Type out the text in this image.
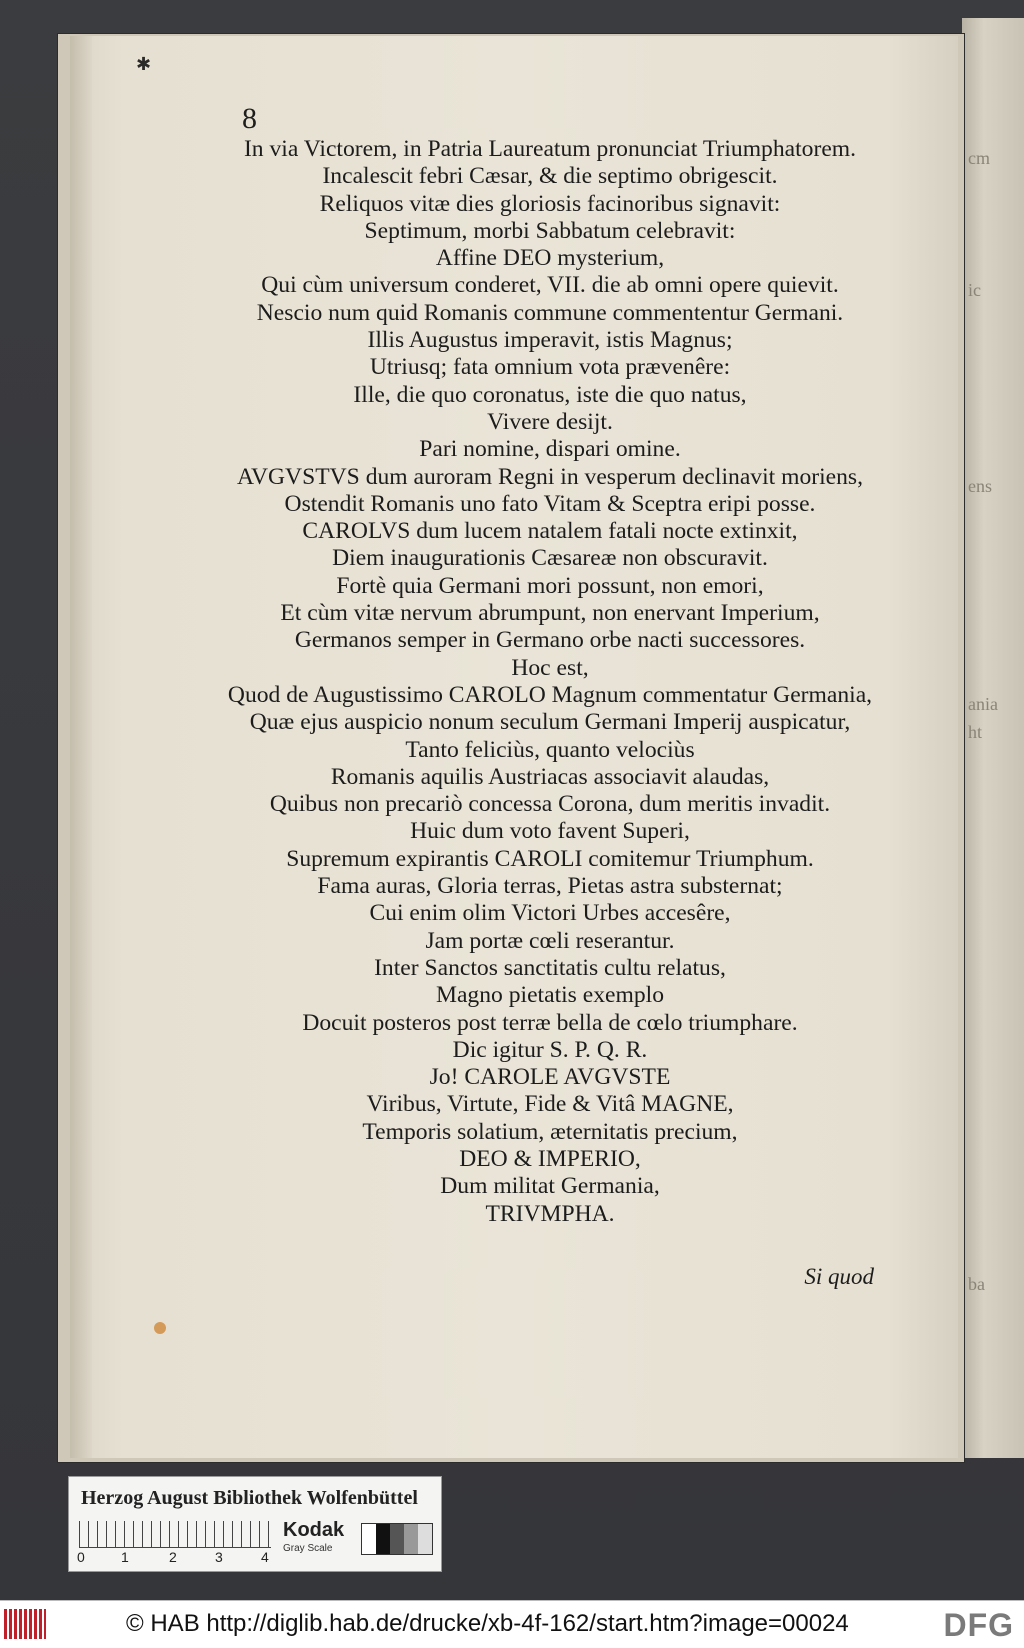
cm
ic
ens
ania
ht
ba
✱
8
In via Victorem, in Patria Laureatum pronunciat Triumphatorem.
Incalescit febri Cæsar, & die septimo obrigescit.
Reliquos vitæ dies gloriosis facinoribus signavit:
Septimum, morbi Sabbatum celebravit:
Affine DEO mysterium,
Qui cùm universum conderet, VII. die ab omni opere quievit.
Nescio num quid Romanis commune commententur Germani.
Illis Augustus imperavit, istis Magnus;
Utriusq; fata omnium vota prævenêre:
Ille, die quo coronatus, iste die quo natus,
Vivere desijt.
Pari nomine, dispari omine.
AVGVSTVS dum auroram Regni in vesperum declinavit moriens,
Ostendit Romanis uno fato Vitam & Sceptra eripi posse.
CAROLVS dum lucem natalem fatali nocte extinxit,
Diem inaugurationis Cæsareæ non obscuravit.
Fortè quia Germani mori possunt, non emori,
Et cùm vitæ nervum abrumpunt, non enervant Imperium,
Germanos semper in Germano orbe nacti successores.
Hoc est,
Quod de Augustissimo CAROLO Magnum commentatur Germania,
Quæ ejus auspicio nonum seculum Germani Imperij auspicatur,
Tanto feliciùs, quanto velociùs
Romanis aquilis Austriacas associavit alaudas,
Quibus non precariò concessa Corona, dum meritis invadit.
Huic dum voto favent Superi,
Supremum expirantis CAROLI comitemur Triumphum.
Fama auras, Gloria terras, Pietas astra substernat;
Cui enim olim Victori Urbes accesêre,
Jam portæ cœli reserantur.
Inter Sanctos sanctitatis cultu relatus,
Magno pietatis exemplo
Docuit posteros post terræ bella de cœlo triumphare.
Dic igitur S. P. Q. R.
Jo! CAROLE AVGVSTE
Viribus, Virtute, Fide & Vitâ MAGNE,
Temporis solatium, æternitatis precium,
DEO & IMPERIO,
Dum militat Germania,
TRIVMPHA.
Si quod
Herzog August Bibliothek Wolfenbüttel
0	1	2	3	4
Kodak
Gray Scale
© HAB http://diglib.hab.de/drucke/xb-4f-162/start.htm?image=00024	DFG
